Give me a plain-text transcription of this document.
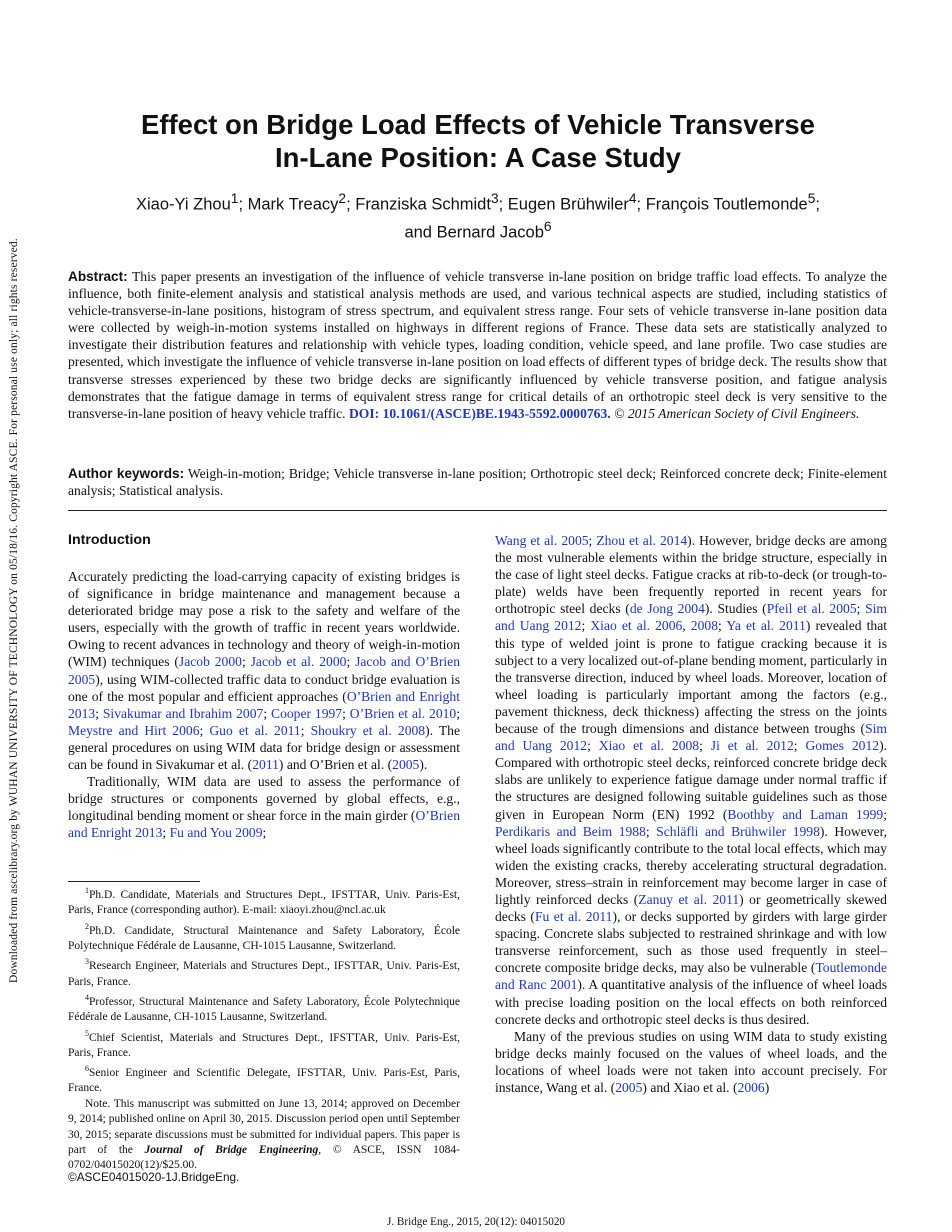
Downloaded from ascelibrary.org by WUHAN UNIVERSITY OF TECHNOLOGY on 05/18/16. Copyright ASCE. For personal use only; all rights reserved.
Effect on Bridge Load Effects of Vehicle Transverse
In-Lane Position: A Case Study
Xiao-Yi Zhou$^1$; Mark Treacy$^2$; Franziska Schmidt$^3$; Eugen Brühwiler$^4$; François Toutlemonde$^5$;
and Bernard Jacob$^6$
Abstract: This paper presents an investigation of the influence of vehicle transverse in-lane position on bridge traffic load effects. To analyze the influence, both finite-element analysis and statistical analysis methods are used, and various technical aspects are studied, including statistics of vehicle-transverse-in-lane positions, histogram of stress spectrum, and equivalent stress range. Four sets of vehicle transverse in-lane position data were collected by weigh-in-motion systems installed on highways in different regions of France. These data sets are statistically analyzed to investigate their distribution features and relationship with vehicle types, loading condition, vehicle speed, and lane profile. Two case studies are presented, which investigate the influence of vehicle transverse in-lane position on load effects of different types of bridge deck. The results show that transverse stresses experienced by these two bridge decks are significantly influenced by vehicle transverse position, and fatigue analysis demonstrates that the fatigue damage in terms of equivalent stress range for critical details of an orthotropic steel deck is very sensitive to the transverse-in-lane position of heavy vehicle traffic. DOI: 10.1061/(ASCE)BE.1943-5592.0000763. © 2015 American Society of Civil Engineers.
Author keywords: Weigh-in-motion; Bridge; Vehicle transverse in-lane position; Orthotropic steel deck; Reinforced concrete deck; Finite-element analysis; Statistical analysis.
Introduction

Accurately predicting the load-carrying capacity of existing bridges is of significance in bridge maintenance and management because a deteriorated bridge may pose a risk to the safety and welfare of the users, especially with the growth of traffic in recent years worldwide. Owing to recent advances in technology and theory of weigh-in-motion (WIM) techniques (Jacob 2000; Jacob et al. 2000; Jacob and O’Brien 2005), using WIM-collected traffic data to conduct bridge evaluation is one of the most popular and efficient approaches (O’Brien and Enright 2013; Sivakumar and Ibrahim 2007; Cooper 1997; O’Brien et al. 2010; Meystre and Hirt 2006; Guo et al. 2011; Shoukry et al. 2008). The general procedures on using WIM data for bridge design or assessment can be found in Sivakumar et al. (2011) and O’Brien et al. (2005).

Traditionally, WIM data are used to assess the performance of bridge structures or components governed by global effects, e.g., longitudinal bending moment or shear force in the main girder (O’Brien and Enright 2013; Fu and You 2009;

$^1$Ph.D. Candidate, Materials and Structures Dept., IFSTTAR, Univ. Paris-Est, Paris, France (corresponding author). E-mail: xiaoyi.zhou@ncl.ac.uk

$^2$Ph.D. Candidate, Structural Maintenance and Safety Laboratory, École Polytechnique Fédérale de Lausanne, CH-1015 Lausanne, Switzerland.

$^3$Research Engineer, Materials and Structures Dept., IFSTTAR, Univ. Paris-Est, Paris, France.

$^4$Professor, Structural Maintenance and Safety Laboratory, École Polytechnique Fédérale de Lausanne, CH-1015 Lausanne, Switzerland.

$^5$Chief Scientist, Materials and Structures Dept., IFSTTAR, Univ. Paris-Est, Paris, France.

$^6$Senior Engineer and Scientific Delegate, IFSTTAR, Univ. Paris-Est, Paris, France.

Note. This manuscript was submitted on June 13, 2014; approved on December 9, 2014; published online on April 30, 2015. Discussion period open until September 30, 2015; separate discussions must be submitted for individual papers. This paper is part of the Journal of Bridge Engineering, © ASCE, ISSN 1084-0702/04015020(12)/$25.00.

Wang et al. 2005; Zhou et al. 2014). However, bridge decks are among the most vulnerable elements within the bridge structure, especially in the case of light steel decks. Fatigue cracks at rib-to-deck (or trough-to-plate) welds have been frequently reported in recent years for orthotropic steel decks (de Jong 2004). Studies (Pfeil et al. 2005; Sim and Uang 2012; Xiao et al. 2006, 2008; Ya et al. 2011) revealed that this type of welded joint is prone to fatigue cracking because it is subject to a very localized out-of-plane bending moment, particularly in the transverse direction, induced by wheel loads. Moreover, location of wheel loading is particularly important among the factors (e.g., pavement thickness, deck thickness) affecting the stress on the joints because of the trough dimensions and distance between troughs (Sim and Uang 2012; Xiao et al. 2008; Ji et al. 2012; Gomes 2012). Compared with orthotropic steel decks, reinforced concrete bridge deck slabs are unlikely to experience fatigue damage under normal traffic if the structures are designed following suitable guidelines such as those given in European Norm (EN) 1992 (Boothby and Laman 1999; Perdikaris and Beim 1988; Schläfli and Brühwiler 1998). However, wheel loads significantly contribute to the total local effects, which may widen the existing cracks, thereby accelerating structural degradation. Moreover, stress–strain in reinforcement may become larger in case of lightly reinforced decks (Zanuy et al. 2011) or geometrically skewed decks (Fu et al. 2011), or decks supported by girders with large girder spacing. Concrete slabs subjected to restrained shrinkage and with low transverse reinforcement, such as those used frequently in steel–concrete composite bridge decks, may also be vulnerable (Toutlemonde and Ranc 2001). A quantitative analysis of the influence of wheel loads with precise loading position on the local effects on both reinforced concrete decks and orthotropic steel decks is thus desired.

Many of the previous studies on using WIM data to study existing bridge decks mainly focused on the values of wheel loads, and the locations of wheel loads were not taken into account precisely. For instance, Wang et al. (2005) and Xiao et al. (2006)

©ASCE04015020-1J.BridgeEng.
J. Bridge Eng., 2015, 20(12): 04015020
